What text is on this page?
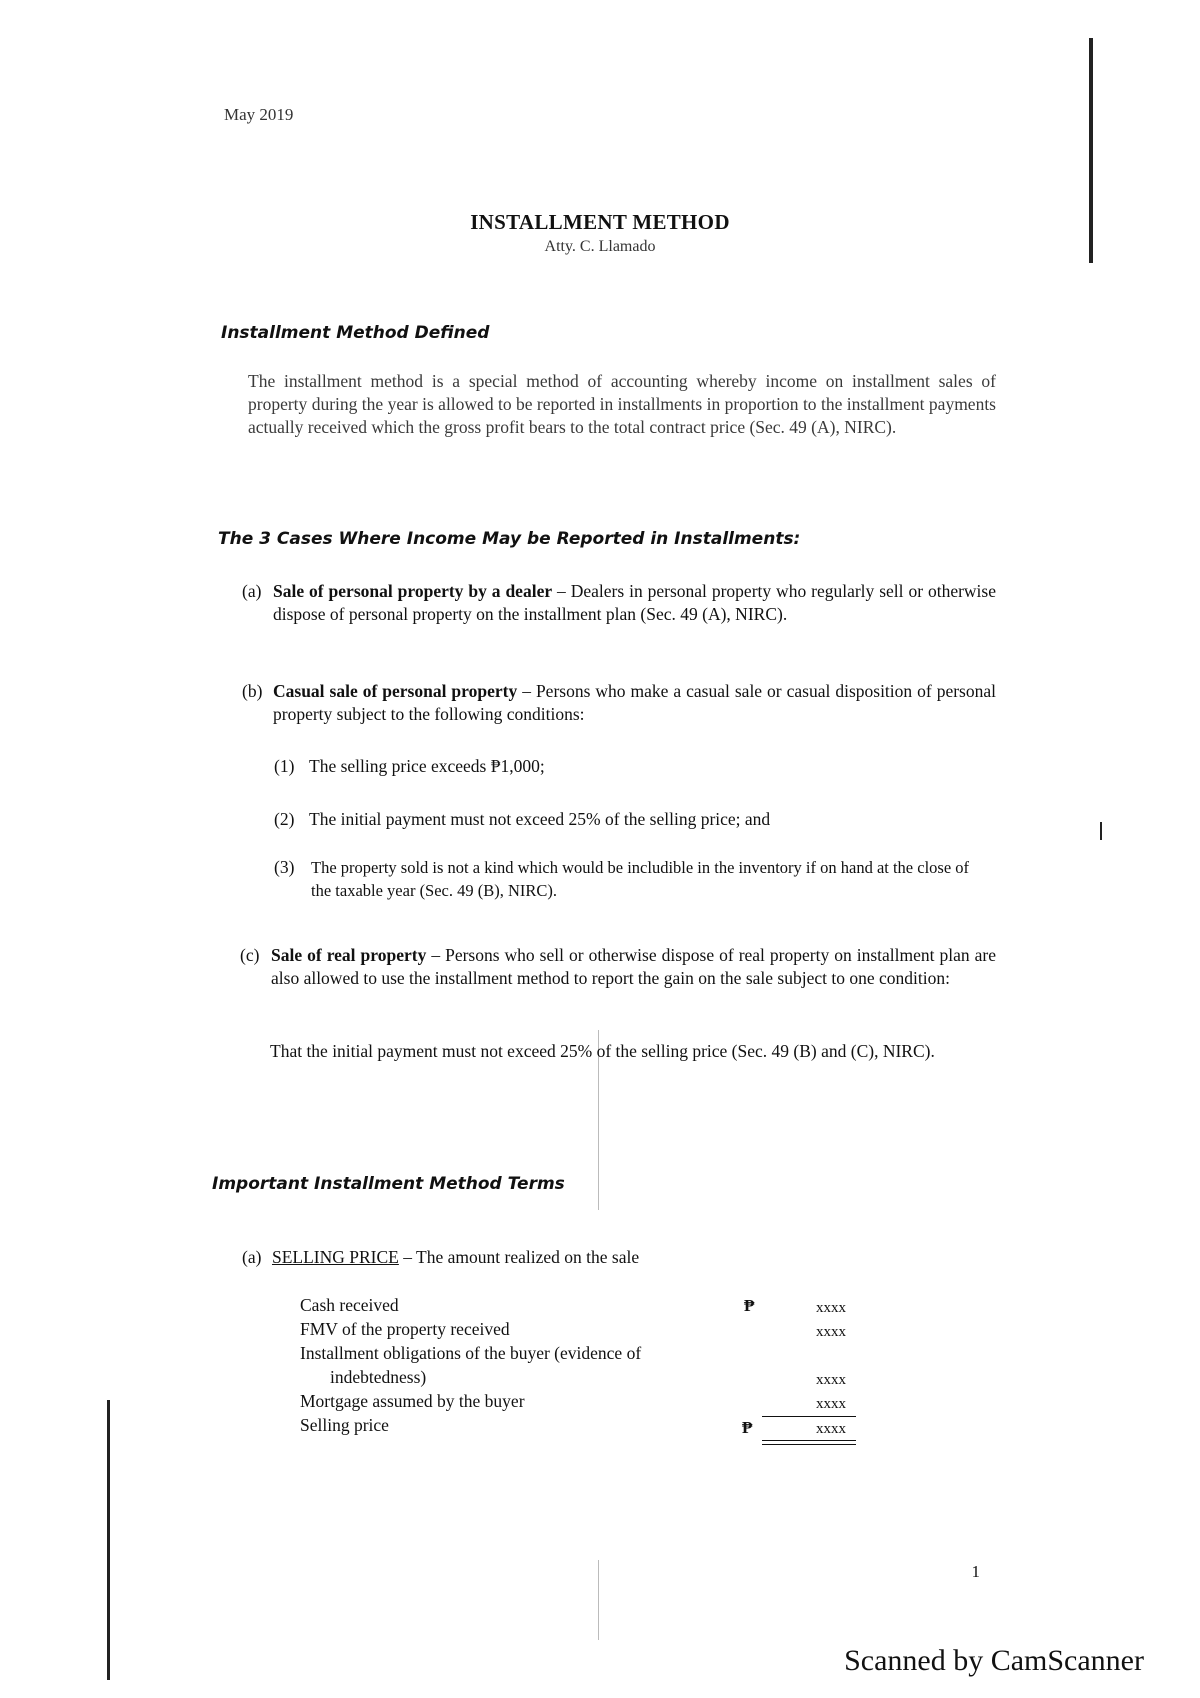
May 2019
INSTALLMENT METHOD
Atty. C. Llamado
Installment Method Defined
The installment method is a special method of accounting whereby income on installment sales of property during the year is allowed to be reported in installments in proportion to the installment payments actually received which the gross profit bears to the total contract price (Sec. 49 (A), NIRC).
The 3 Cases Where Income May be Reported in Installments:
(a) Sale of personal property by a dealer – Dealers in personal property who regularly sell or otherwise dispose of personal property on the installment plan (Sec. 49 (A), NIRC).
(b) Casual sale of personal property – Persons who make a casual sale or casual disposition of personal property subject to the following conditions:
(1) The selling price exceeds ₱1,000;
(2) The initial payment must not exceed 25% of the selling price; and
(3)	The property sold is not a kind which would be includible in the inventory if on hand at the close of the taxable year (Sec. 49 (B), NIRC).
(c) Sale of real property – Persons who sell or otherwise dispose of real property on installment plan are also allowed to use the installment method to report the gain on the sale subject to one condition:
That the initial payment must not exceed 25% of the selling price (Sec. 49 (B) and (C), NIRC).
Important Installment Method Terms
(a) SELLING PRICE – The amount realized on the sale
Cash received	₱	xxxx
FMV of the property received	xxxx
Installment obligations of the buyer (evidence of
indebtedness)	xxxx
Mortgage assumed by the buyer	xxxx
Selling price	₱	xxxx
1
Scanned by CamScanner
